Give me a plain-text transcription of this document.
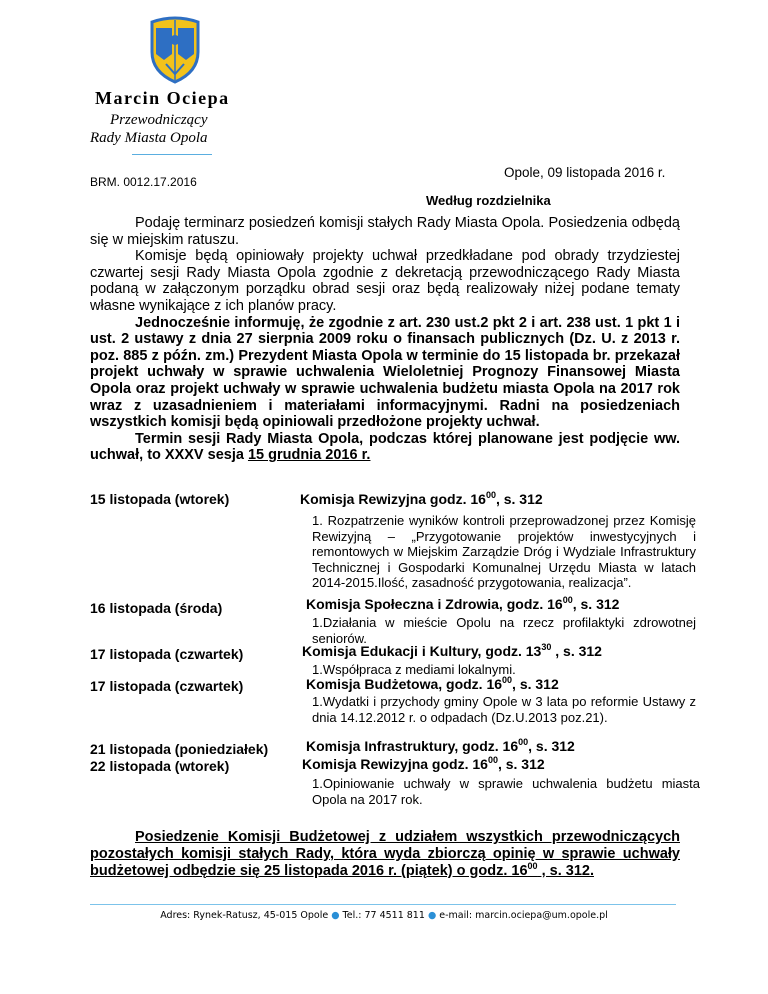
Marcin Ociepa
Przewodniczący
Rady Miasta Opola
Opole, 09 listopada 2016 r.
BRM. 0012.17.2016
Według rozdzielnika

Podaję terminarz posiedzeń komisji stałych Rady Miasta Opola. Posiedzenia odbędą się w miejskim ratuszu.

Komisje będą opiniowały projekty uchwał przedkładane pod obrady trzydziestej czwartej sesji Rady Miasta Opola zgodnie z dekretacją przewodniczącego Rady Miasta podaną w załączonym porządku obrad sesji oraz będą realizowały niżej podane tematy własne wynikające z ich planów pracy.

Jednocześnie informuję, że zgodnie z art. 230 ust.2 pkt 2 i art. 238 ust. 1 pkt 1 i ust. 2 ustawy z dnia 27 sierpnia 2009 roku o finansach publicznych (Dz. U. z 2013 r. poz. 885 z późn. zm.) Prezydent Miasta Opola w terminie do 15 listopada br. przekazał projekt uchwały w sprawie uchwalenia Wieloletniej Prognozy Finansowej Miasta Opola oraz projekt uchwały w sprawie uchwalenia budżetu miasta Opola na 2017 rok wraz z uzasadnieniem i materiałami informacyjnymi. Radni na posiedzeniach wszystkich komisji będą opiniowali przedłożone projekty uchwał.

Termin sesji Rady Miasta Opola, podczas której planowane jest podjęcie ww. uchwał, to XXXV sesja 15 grudnia 2016 r.

15 listopada (wtorek)	Komisja Rewizyjna godz. $16^{00}$, s. 312
1. Rozpatrzenie wyników kontroli przeprowadzonej przez Komisję Rewizyjną – „Przygotowanie projektów inwestycyjnych i remontowych w Miejskim Zarządzie Dróg i Wydziale Infrastruktury Technicznej i Gospodarki Komunalnej Urzędu Miasta w latach 2014-2015.Ilość, zasadność przygotowania, realizacja”.
16 listopada (środa)	Komisja Społeczna i Zdrowia, godz. $16^{00}$, s. 312
1.Działania w mieście Opolu na rzecz profilaktyki zdrowotnej seniorów.
17 listopada (czwartek)	Komisja Edukacji i Kultury, godz. $13^{30}$ , s. 312
1.Współpraca z mediami lokalnymi.
17 listopada (czwartek)	Komisja Budżetowa, godz. $16^{00}$, s. 312
1.Wydatki i przychody gminy Opole w 3 lata po reformie Ustawy z dnia 14.12.2012 r. o odpadach (Dz.U.2013 poz.21).
21 listopada (poniedziałek)	Komisja Infrastruktury, godz. $16^{00}$, s. 312
22 listopada (wtorek)	Komisja Rewizyjna godz. $16^{00}$, s. 312
1.Opiniowanie uchwały w sprawie uchwalenia budżetu miasta Opola na 2017 rok.
Posiedzenie Komisji Budżetowej z udziałem wszystkich przewodniczących pozostałych komisji stałych Rady, która wyda zbiorczą opinię w sprawie uchwały budżetowej odbędzie się 25 listopada 2016 r. (piątek) o godz. $16^{00}$ , s. 312.
Adres: Rynek-Ratusz, 45-015 Opole ● Tel.: 77 4511 811 ● e-mail: marcin.ociepa@um.opole.pl
